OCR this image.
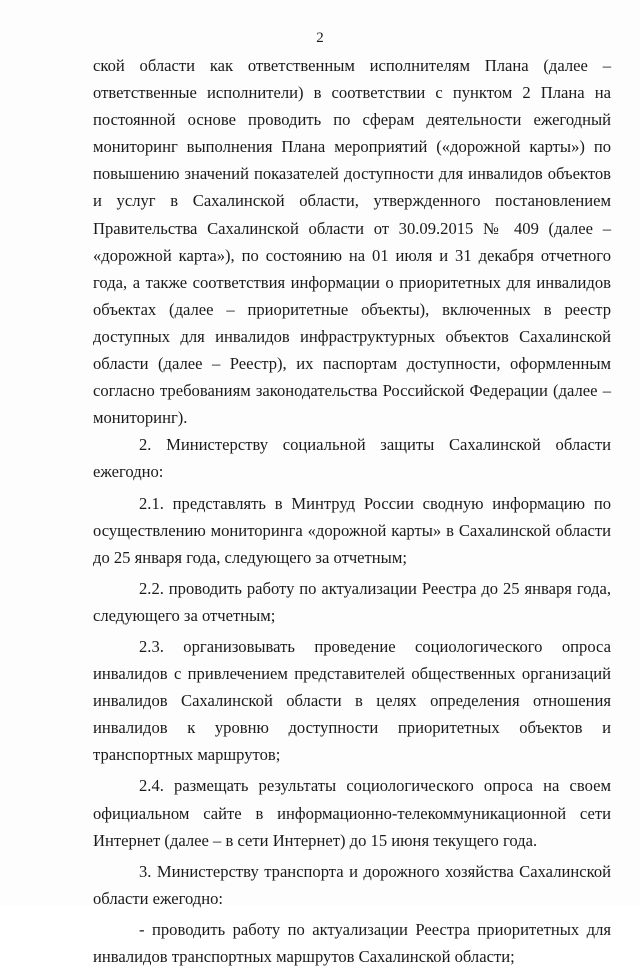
2

ской области как ответственным исполнителям Плана (далее – ответственные исполнители) в соответствии с пунктом 2 Плана на постоянной основе проводить по сферам деятельности ежегодный мониторинг выполнения Плана мероприятий («дорожной карты») по повышению значений показателей доступности для инвалидов объектов и услуг в Сахалинской области, утвержденного постановлением Правительства Сахалинской области от 30.09.2015 № 409 (далее – «дорожной карта»), по состоянию на 01 июля и 31 декабря отчетного года, а также соответствия информации о приоритетных для инвалидов объектах (далее – приоритетные объекты), включенных в реестр доступных для инвалидов инфраструктурных объектов Сахалинской области (далее – Реестр), их паспортам доступности, оформленным согласно требованиям законодательства Российской Федерации (далее – мониторинг).

2. Министерству социальной защиты Сахалинской области ежегодно:

2.1. представлять в Минтруд России сводную информацию по осуществлению мониторинга «дорожной карты» в Сахалинской области до 25 января года, следующего за отчетным;

2.2. проводить работу по актуализации Реестра до 25 января года, следующего за отчетным;

2.3. организовывать проведение социологического опроса инвалидов с привлечением представителей общественных организаций инвалидов Сахалинской области в целях определения отношения инвалидов к уровню доступности приоритетных объектов и транспортных маршрутов;

2.4. размещать результаты социологического опроса на своем официальном сайте в информационно-телекоммуникационной сети Интернет (далее – в сети Интернет) до 15 июня текущего года.

3. Министерству транспорта и дорожного хозяйства Сахалинской области ежегодно:

- проводить работу по актуализации Реестра приоритетных для инвалидов транспортных маршрутов Сахалинской области;
